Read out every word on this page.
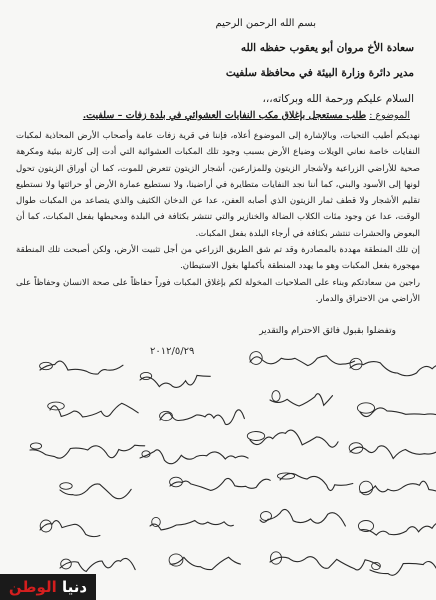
بسم الله الرحمن الرحيم
سعادة الأخ مروان أبو يعقوب حفظه الله
مدير دائرة وزارة البيئة في محافظة سلفيت
السلام عليكم ورحمة الله وبركاته،،،
الموضوع : طلب مستعجل بإغلاق مكب النفايات العشوائي في بلدة زفات – سلفيت.

نهديكم أطيب التحيات، وبالإشارة إلى الموضوع أعلاه، فإننا في قرية زفات عامة وأصحاب الأرض المحاذية لمكبات النفايات خاصة نعاني الويلات وضياع الأرض بسبب وجود تلك المكبات العشوائية التي أدت إلى كارثة بيئية ومكرهة صحية للأراضي الزراعية ولأشجار الزيتون وللمزارعين، أشجار الزيتون تتعرض للموت، كما أن أوراق الزيتون تحول لونها إلى الأسود والبني، كما أننا نجد النفايات متطايرة في أراضينا، ولا نستطيع عمارة الأرض أو حراثتها ولا نستطيع تقليم الأشجار ولا قطف ثمار الزيتون الذي أصابه العفن، عدا عن الدخان الكثيف والذي يتصاعد من المكبات طوال الوقت، عدا عن وجود مئات الكلاب الضالة والخنازير والتي تنتشر بكثافة في البلدة ومحيطها بفعل المكبات، كما أن البعوض والحشرات تنتشر بكثافة في أرجاء البلدة بفعل المكبات.

إن تلك المنطقة مهددة بالمصادرة وقد تم شق الطريق الزراعي من أجل تثبيت الأرض، ولكن أصبحت تلك المنطقة مهجورة بفعل المكبات وهو ما يهدد المنطقة بأكملها بغول الاستيطان.

راجين من سعادتكم وبناء على الصلاحيات المخولة لكم بإغلاق المكبات فوراً حفاظاً على صحة الانسان وحفاظاً على الأراضي من الاحتراق والدمار.

وتفضلوا بقبول فائق الاحترام والتقدير
٢٠١٢/٥/٢٩
دنيا الوطن
